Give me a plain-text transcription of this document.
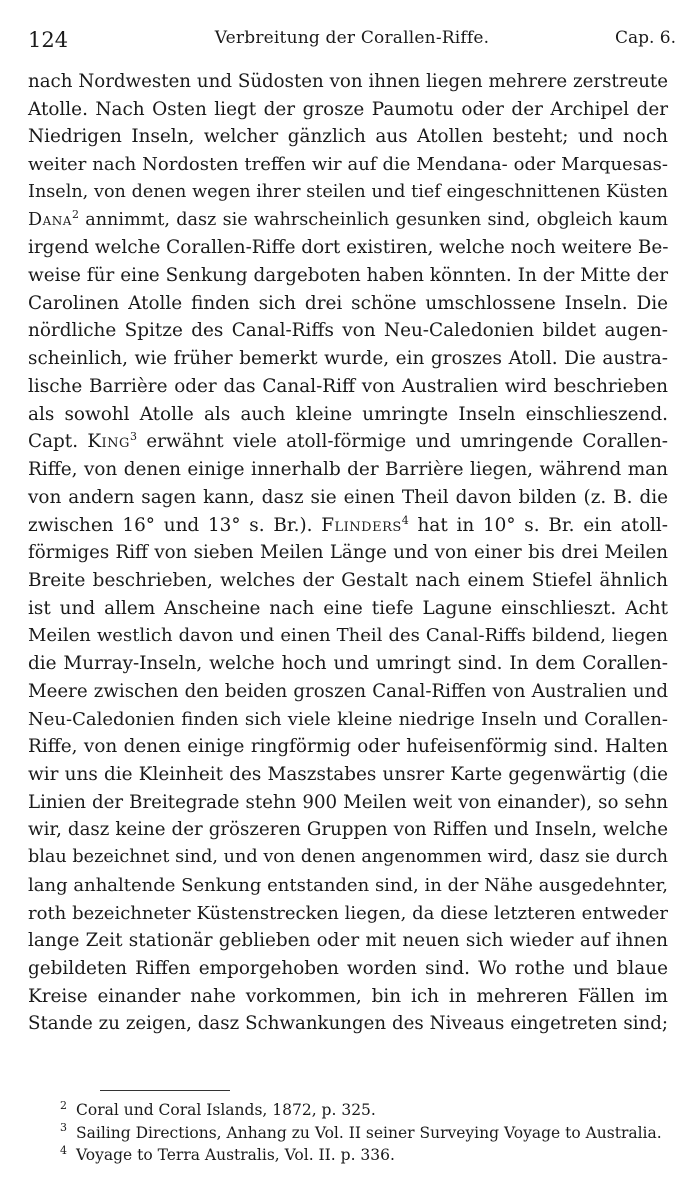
124	Verbreitung der Corallen-Riffe.	Cap. 6.
nach Nordwesten und Südosten von ihnen liegen mehrere zerstreute
Atolle. Nach Osten liegt der grosze Paumotu oder der Archipel der
Niedrigen Inseln, welcher gänzlich aus Atollen besteht; und noch
weiter nach Nordosten treffen wir auf die Mendana- oder Marquesas-
Inseln, von denen wegen ihrer steilen und tief eingeschnittenen Küsten
Dana$^2$ annimmt, dasz sie wahrscheinlich gesunken sind, obgleich kaum
irgend welche Corallen-Riffe dort existiren, welche noch weitere Be-
weise für eine Senkung dargeboten haben könnten. In der Mitte der
Carolinen Atolle finden sich drei schöne umschlossene Inseln. Die
nördliche Spitze des Canal-Riffs von Neu-Caledonien bildet augen-
scheinlich, wie früher bemerkt wurde, ein groszes Atoll. Die austra-
lische Barrière oder das Canal-Riff von Australien wird beschrieben
als sowohl Atolle als auch kleine umringte Inseln einschlieszend.
Capt. King$^3$ erwähnt viele atoll-förmige und umringende Corallen-
Riffe, von denen einige innerhalb der Barrière liegen, während man
von andern sagen kann, dasz sie einen Theil davon bilden (z. B. die
zwischen 16° und 13° s. Br.). Flinders$^4$ hat in 10° s. Br. ein atoll-
förmiges Riff von sieben Meilen Länge und von einer bis drei Meilen
Breite beschrieben, welches der Gestalt nach einem Stiefel ähnlich
ist und allem Anscheine nach eine tiefe Lagune einschlieszt. Acht
Meilen westlich davon und einen Theil des Canal-Riffs bildend, liegen
die Murray-Inseln, welche hoch und umringt sind. In dem Corallen-
Meere zwischen den beiden groszen Canal-Riffen von Australien und
Neu-Caledonien finden sich viele kleine niedrige Inseln und Corallen-
Riffe, von denen einige ringförmig oder hufeisenförmig sind. Halten
wir uns die Kleinheit des Maszstabes unsrer Karte gegenwärtig (die
Linien der Breitegrade stehn 900 Meilen weit von einander), so sehn
wir, dasz keine der gröszeren Gruppen von Riffen und Inseln, welche
blau bezeichnet sind, und von denen angenommen wird, dasz sie durch
lang anhaltende Senkung entstanden sind, in der Nähe ausgedehnter,
roth bezeichneter Küstenstrecken liegen, da diese letzteren entweder
lange Zeit stationär geblieben oder mit neuen sich wieder auf ihnen
gebildeten Riffen emporgehoben worden sind. Wo rothe und blaue
Kreise einander nahe vorkommen, bin ich in mehreren Fällen im
Stande zu zeigen, dasz Schwankungen des Niveaus eingetreten sind;
2 Coral und Coral Islands, 1872, p. 325.
3 Sailing Directions, Anhang zu Vol. II seiner Surveying Voyage to Australia.
4 Voyage to Terra Australis, Vol. II. p. 336.
